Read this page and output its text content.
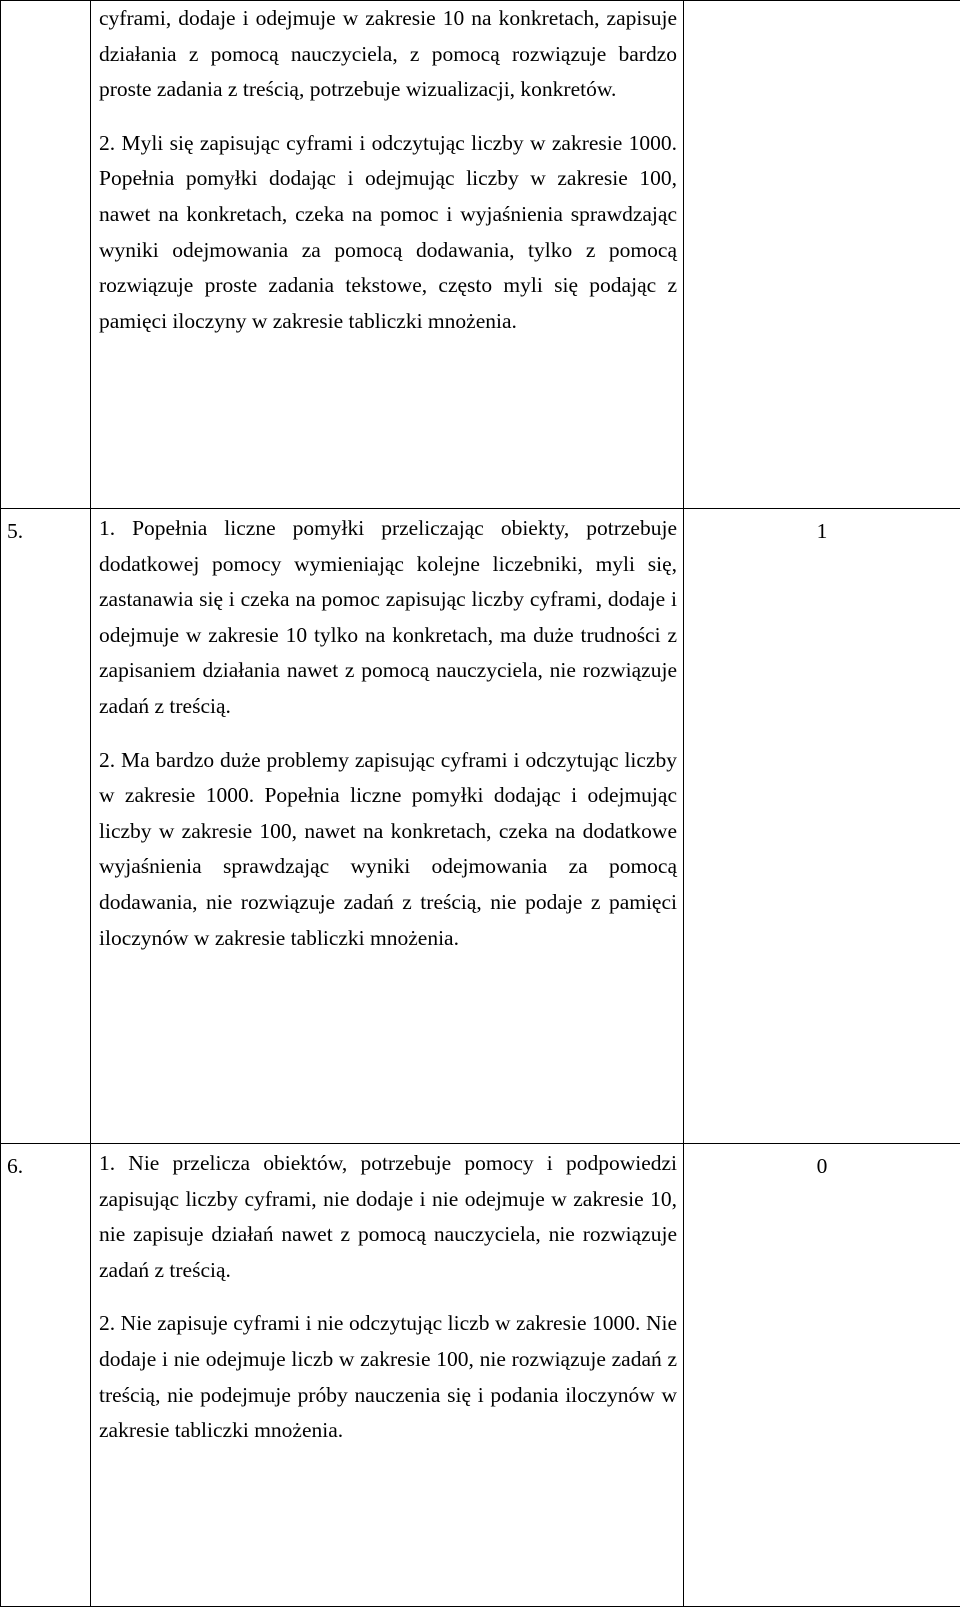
	cyframi, dodaje i odejmuje w zakresie 10 na konkretach, zapisuje działania z pomocą nauczyciela, z pomocą rozwiązuje bardzo proste zadania z treścią, potrzebuje wizualizacji, konkretów.

2. Myli się zapisując cyframi i odczytując liczby w zakresie 1000. Popełnia pomyłki dodając i odejmując liczby w zakresie 100, nawet na konkretach, czeka na pomoc i wyjaśnienia sprawdzając wyniki odejmowania za pomocą dodawania, tylko z pomocą rozwiązuje proste zadania tekstowe, często myli się podając z pamięci iloczyny w zakresie tabliczki mnożenia.	

5.	1. Popełnia liczne pomyłki przeliczając obiekty, potrzebuje dodatkowej pomocy wymieniając kolejne liczebniki, myli się, zastanawia się i czeka na pomoc zapisując liczby cyframi, dodaje i odejmuje w zakresie 10 tylko na konkretach, ma duże trudności z zapisaniem działania nawet z pomocą nauczyciela, nie rozwiązuje zadań z treścią.

2. Ma bardzo duże problemy zapisując cyframi i odczytując liczby w zakresie 1000. Popełnia liczne pomyłki dodając i odejmując liczby w zakresie 100, nawet na konkretach, czeka na dodatkowe wyjaśnienia sprawdzając wyniki odejmowania za pomocą dodawania, nie rozwiązuje zadań z treścią, nie podaje z pamięci iloczynów w zakresie tabliczki mnożenia.	1
6.	1. Nie przelicza obiektów, potrzebuje pomocy i podpowiedzi zapisując liczby cyframi, nie dodaje i nie odejmuje w zakresie 10, nie zapisuje działań nawet z pomocą nauczyciela, nie rozwiązuje zadań z treścią.

2. Nie zapisuje cyframi i nie odczytując liczb w zakresie 1000. Nie dodaje i nie odejmuje liczb w zakresie 100, nie rozwiązuje zadań z treścią, nie podejmuje próby nauczenia się i podania iloczynów w zakresie tabliczki mnożenia.	0
